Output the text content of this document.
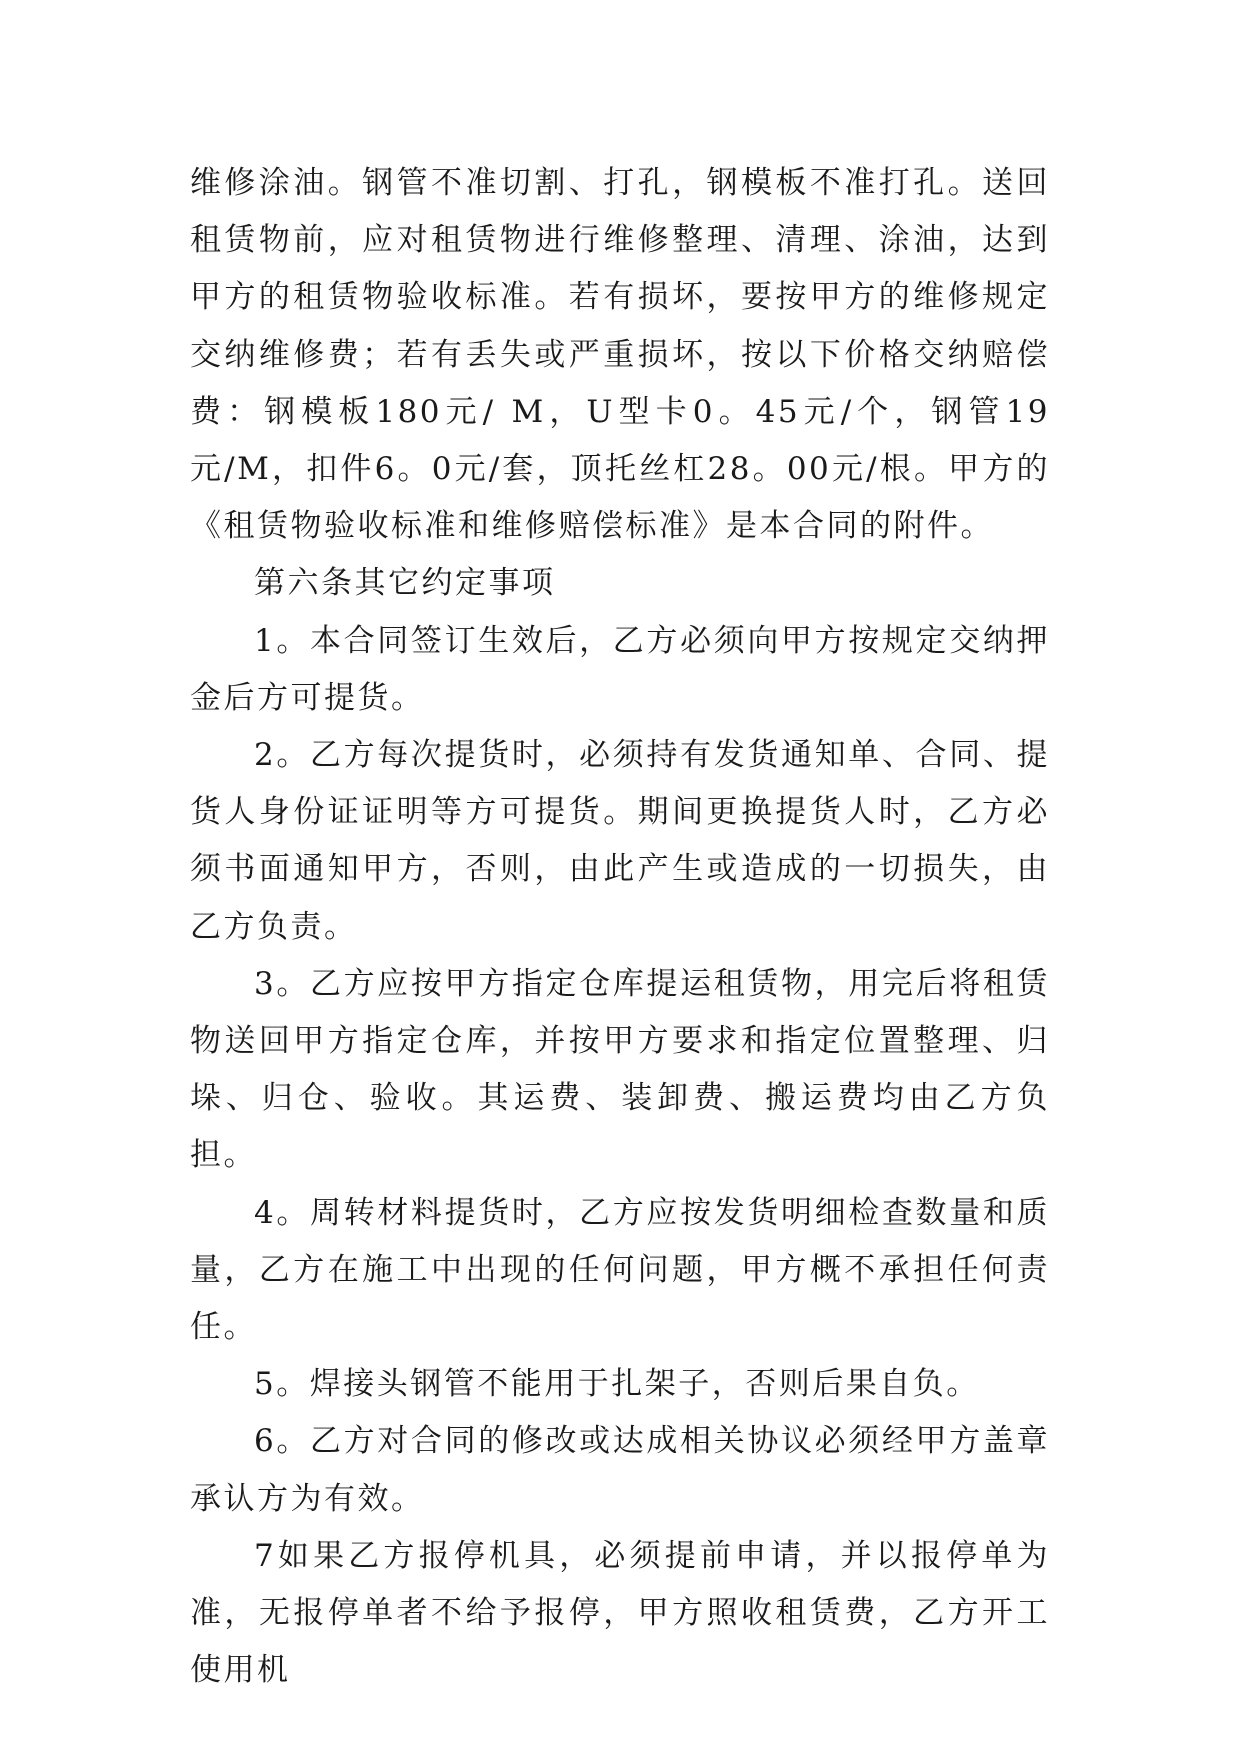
维修涂油。钢管不准切割、打孔，钢模板不准打孔。送回租赁物前，应对租赁物进行维修整理、清理、涂油，达到甲方的租赁物验收标准。若有损坏，要按甲方的维修规定交纳维修费；若有丢失或严重损坏，按以下价格交纳赔偿费：钢模板180元/ M，U型卡0。45元/个，钢管19元/M，扣件6。0元/套，顶托丝杠28。00元/根。甲方的《租赁物验收标准和维修赔偿标准》是本合同的附件。

第六条其它约定事项

1。本合同签订生效后，乙方必须向甲方按规定交纳押金后方可提货。

2。乙方每次提货时，必须持有发货通知单、合同、提货人身份证证明等方可提货。期间更换提货人时，乙方必须书面通知甲方，否则，由此产生或造成的一切损失，由乙方负责。

3。乙方应按甲方指定仓库提运租赁物，用完后将租赁物送回甲方指定仓库，并按甲方要求和指定位置整理、归垛、归仓、验收。其运费、装卸费、搬运费均由乙方负担。

4。周转材料提货时，乙方应按发货明细检查数量和质量，乙方在施工中出现的任何问题，甲方概不承担任何责任。

5。焊接头钢管不能用于扎架子，否则后果自负。

6。乙方对合同的修改或达成相关协议必须经甲方盖章承认方为有效。

7如果乙方报停机具，必须提前申请，并以报停单为准，无报停单者不给予报停，甲方照收租赁费，乙方开工使用机
